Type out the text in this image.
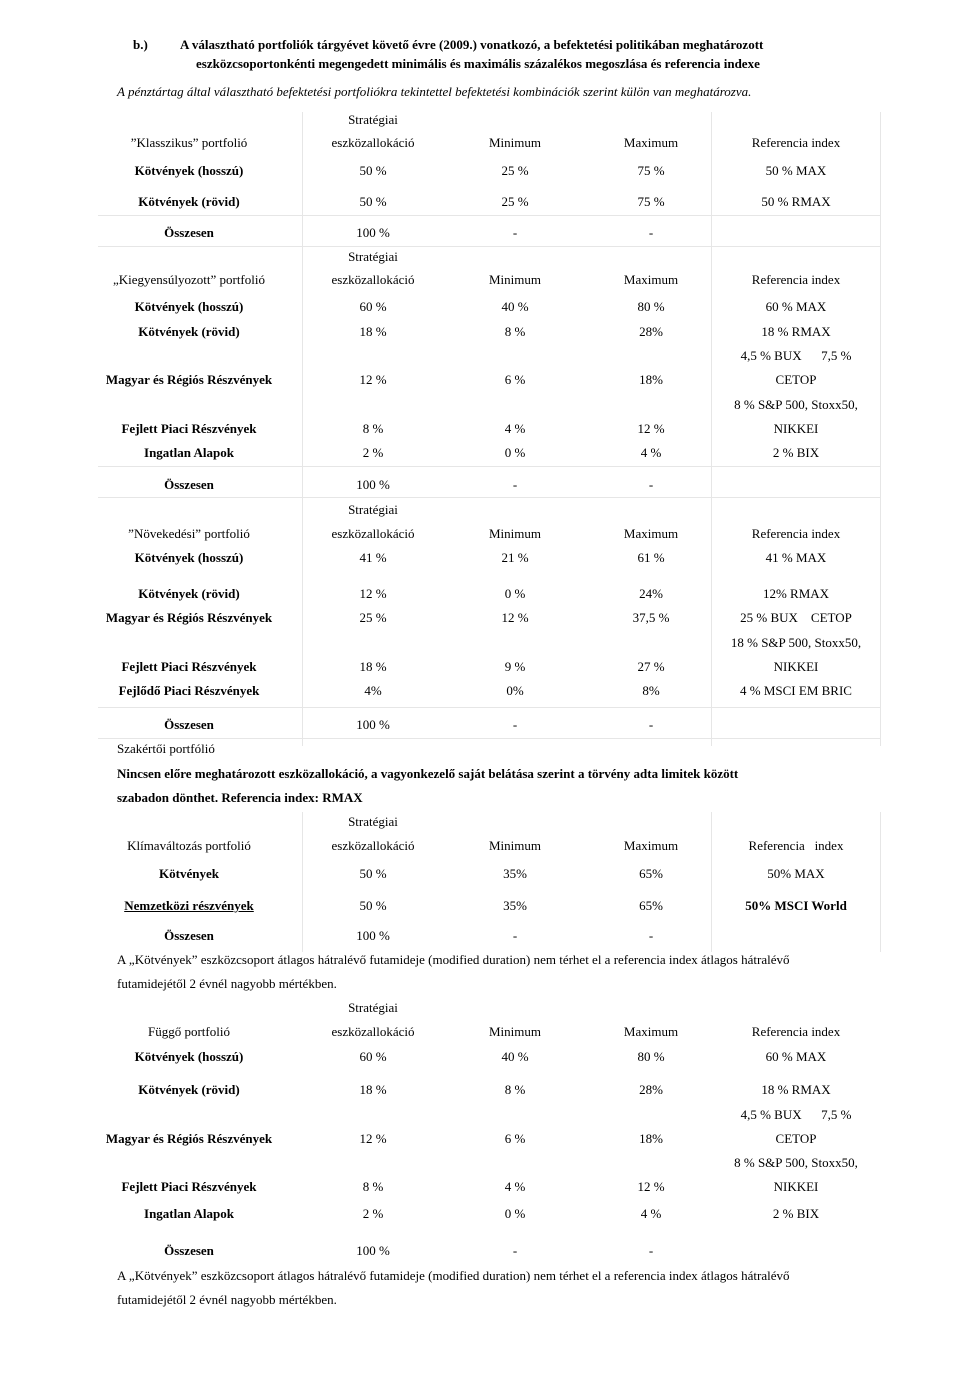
b.) A választható portfoliók tárgyévet követő évre (2009.) vonatkozó, a befektetési politikában meghatározott
eszközcsoportonkénti megengedett minimális és maximális százalékos megoszlása és referencia indexe
A pénztártag által választható befektetési portfoliókra tekintettel befektetési kombinációk szerint külön van meghatározva.
Stratégiai
”Klasszikus” portfolió	eszközallokáció	Minimum	Maximum	Referencia index
Kötvények (hosszú)	50 %	25 %	75 %	50 % MAX
Kötvények (rövid)	50 %	25 %	75 %	50 % RMAX
Összesen	100 %	-	-
Stratégiai
„Kiegyensúlyozott” portfolió	eszközallokáció	Minimum	Maximum	Referencia index
Kötvények (hosszú)	60 %	40 %	80 %	60 % MAX
Kötvények (rövid)	18 %	8 %	28%	18 % RMAX
4,5 % BUX      7,5 %
Magyar és Régiós Részvények	12 %	6 %	18%	CETOP
8 % S&P 500, Stoxx50,
Fejlett Piaci Részvények	8 %	4 %	12 %	NIKKEI
Ingatlan Alapok	2 %	0 %	4 %	2 % BIX
Összesen	100 %	-	-
Stratégiai
”Növekedési” portfolió	eszközallokáció	Minimum	Maximum	Referencia index
Kötvények (hosszú)	41 %	21 %	61 %	41 % MAX
Kötvények (rövid)	12 %	0 %	24%	12% RMAX
Magyar és Régiós Részvények	25 %	12 %	37,5 %	25 % BUX    CETOP
18 % S&P 500, Stoxx50,
Fejlett Piaci Részvények	18 %	9 %	27 %	NIKKEI
Fejlődő Piaci Részvények	4%	0%	8%	4 % MSCI EM BRIC
Összesen	100 %	-	-
Szakértői portfólió
Nincsen előre meghatározott eszközallokáció, a vagyonkezelő saját belátása szerint a törvény adta limitek között
szabadon dönthet. Referencia index: RMAX
Stratégiai
Klímaváltozás portfolió	eszközallokáció	Minimum	Maximum	Referencia   index
Kötvények	50 %	35%	65%	50% MAX
Nemzetközi részvények	50 %	35%	65%	50% MSCI World
Összesen	100 %	-	-
A „Kötvények” eszközcsoport átlagos hátralévő futamideje (modified duration) nem térhet el a referencia index átlagos hátralévő
futamidejétől 2 évnél nagyobb mértékben.
Stratégiai
Függő portfolió	eszközallokáció	Minimum	Maximum	Referencia index
Kötvények (hosszú)	60 %	40 %	80 %	60 % MAX
Kötvények (rövid)	18 %	8 %	28%	18 % RMAX
4,5 % BUX      7,5 %
Magyar és Régiós Részvények	12 %	6 %	18%	CETOP
8 % S&P 500, Stoxx50,
Fejlett Piaci Részvények	8 %	4 %	12 %	NIKKEI
Ingatlan Alapok	2 %	0 %	4 %	2 % BIX
Összesen	100 %	-	-
A „Kötvények” eszközcsoport átlagos hátralévő futamideje (modified duration) nem térhet el a referencia index átlagos hátralévő
futamidejétől 2 évnél nagyobb mértékben.
